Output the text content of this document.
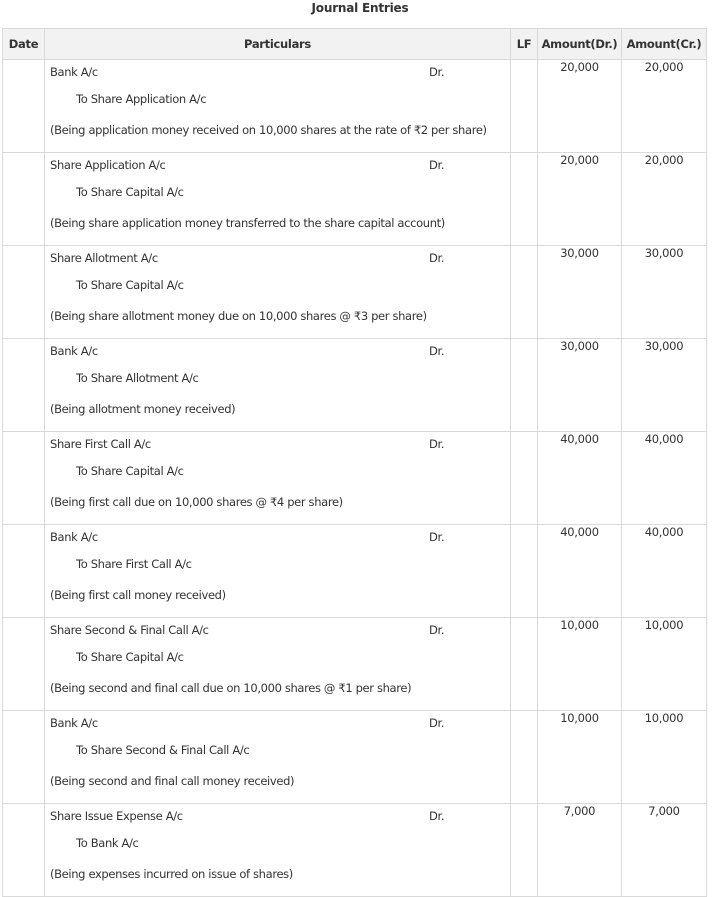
Journal Entries
Date	Particulars	LF	Amount(Dr.)	Amount(Cr.)

	Bank A/c Dr.
To Share Application A/c
(Being application money received on 10,000 shares at the rate of ₹2 per share)		20,000	20,000

	Share Application A/c Dr.
To Share Capital A/c
(Being share application money transferred to the share capital account)		20,000	20,000

	Share Allotment A/c Dr.
To Share Capital A/c
(Being share allotment money due on 10,000 shares @ ₹3 per share)		30,000	30,000

	Bank A/c Dr.
To Share Allotment A/c
(Being allotment money received)		30,000	30,000

	Share First Call A/c Dr.
To Share Capital A/c
(Being first call due on 10,000 shares @ ₹4 per share)		40,000	40,000

	Bank A/c Dr.
To Share First Call A/c
(Being first call money received)		40,000	40,000

	Share Second & Final Call A/c Dr.
To Share Capital A/c
(Being second and final call due on 10,000 shares @ ₹1 per share)		10,000	10,000

	Bank A/c Dr.
To Share Second & Final Call A/c
(Being second and final call money received)		10,000	10,000

	Share Issue Expense A/c Dr.
To Bank A/c
(Being expenses incurred on issue of shares)		7,000	7,000
